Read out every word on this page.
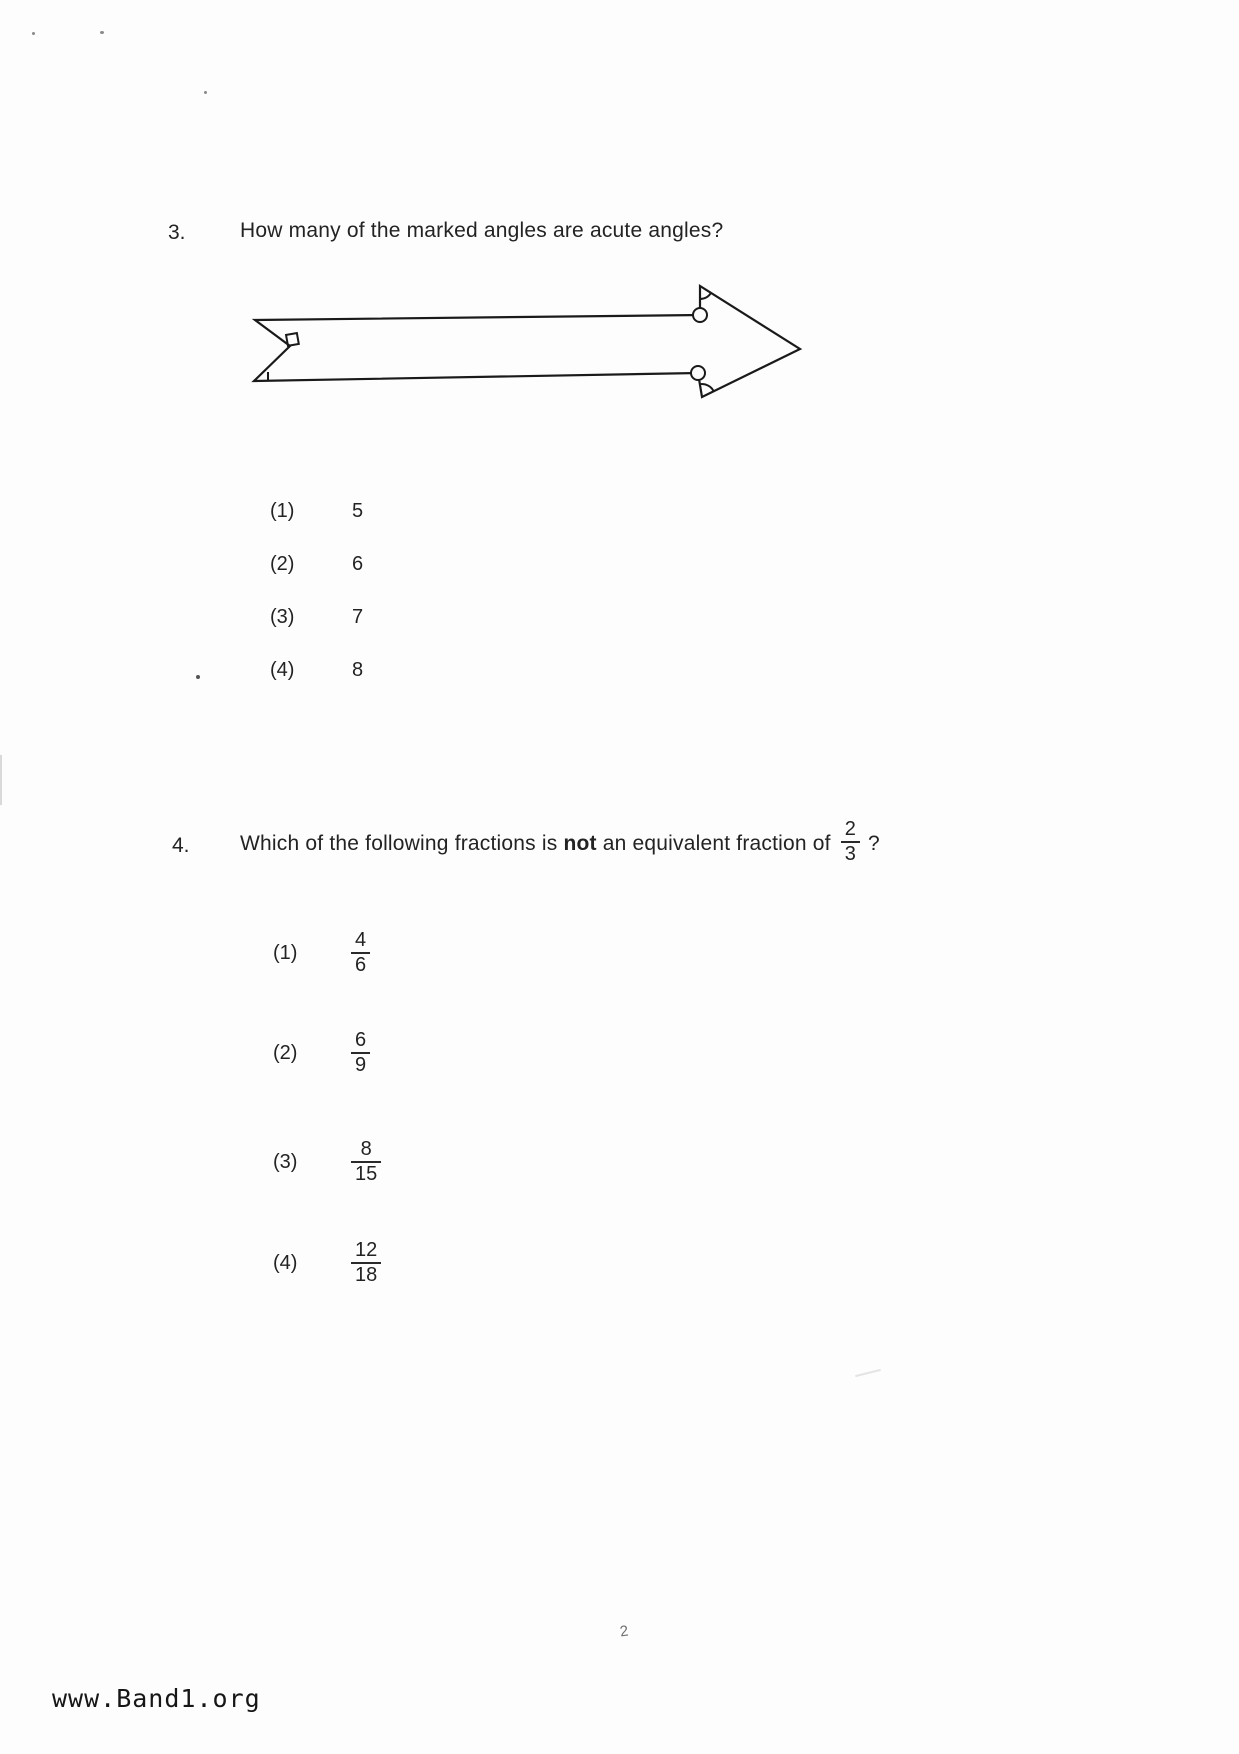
3.	How many of the marked angles are acute angles?
(1)	5
(2)	6
(3)	7
(4)	8
4. Which of the following fractions is not an equivalent fraction of $\frac{2}{3}$ ?
(1)	$\frac{4}{6}$
(2)	$\frac{6}{9}$
(3)	$\frac{8}{15}$
(4)	$\frac{12}{18}$
2
www.Band1.org
